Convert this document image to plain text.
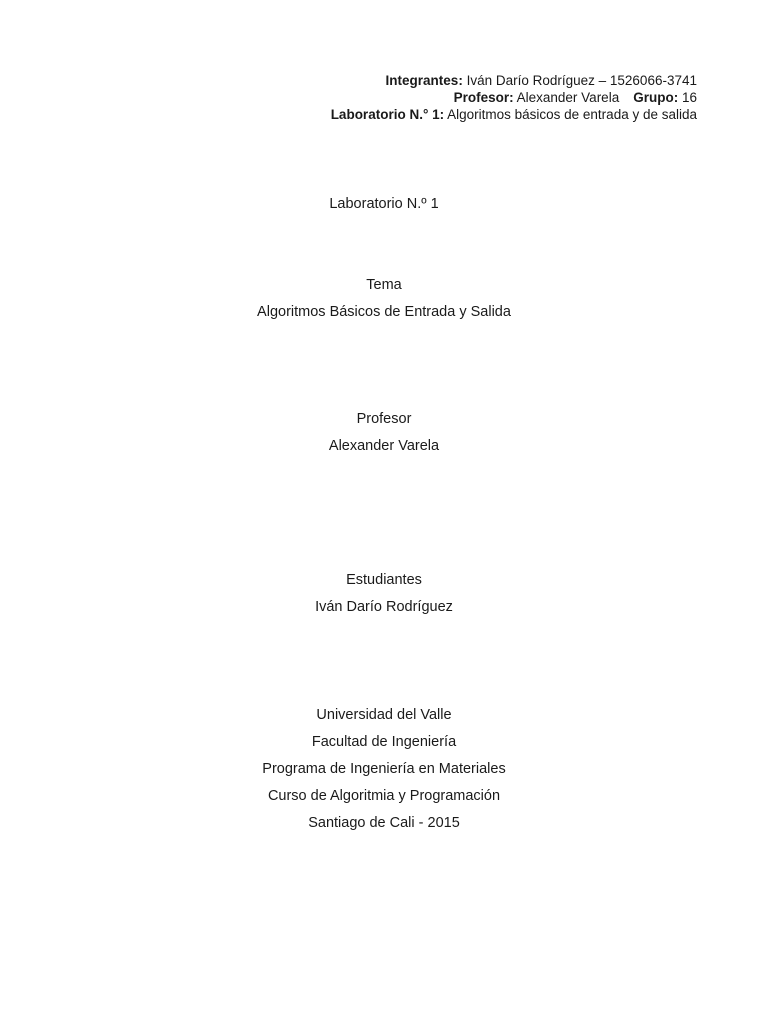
Integrantes: Iván Darío Rodríguez – 1526066-3741
Profesor: Alexander Varela Grupo: 16
Laboratorio N.° 1: Algoritmos básicos de entrada y de salida
Laboratorio N.º 1
Tema
Algoritmos Básicos de Entrada y Salida
Profesor
Alexander Varela
Estudiantes
Iván Darío Rodríguez
Universidad del Valle
Facultad de Ingeniería
Programa de Ingeniería en Materiales
Curso de Algoritmia y Programación
Santiago de Cali - 2015
